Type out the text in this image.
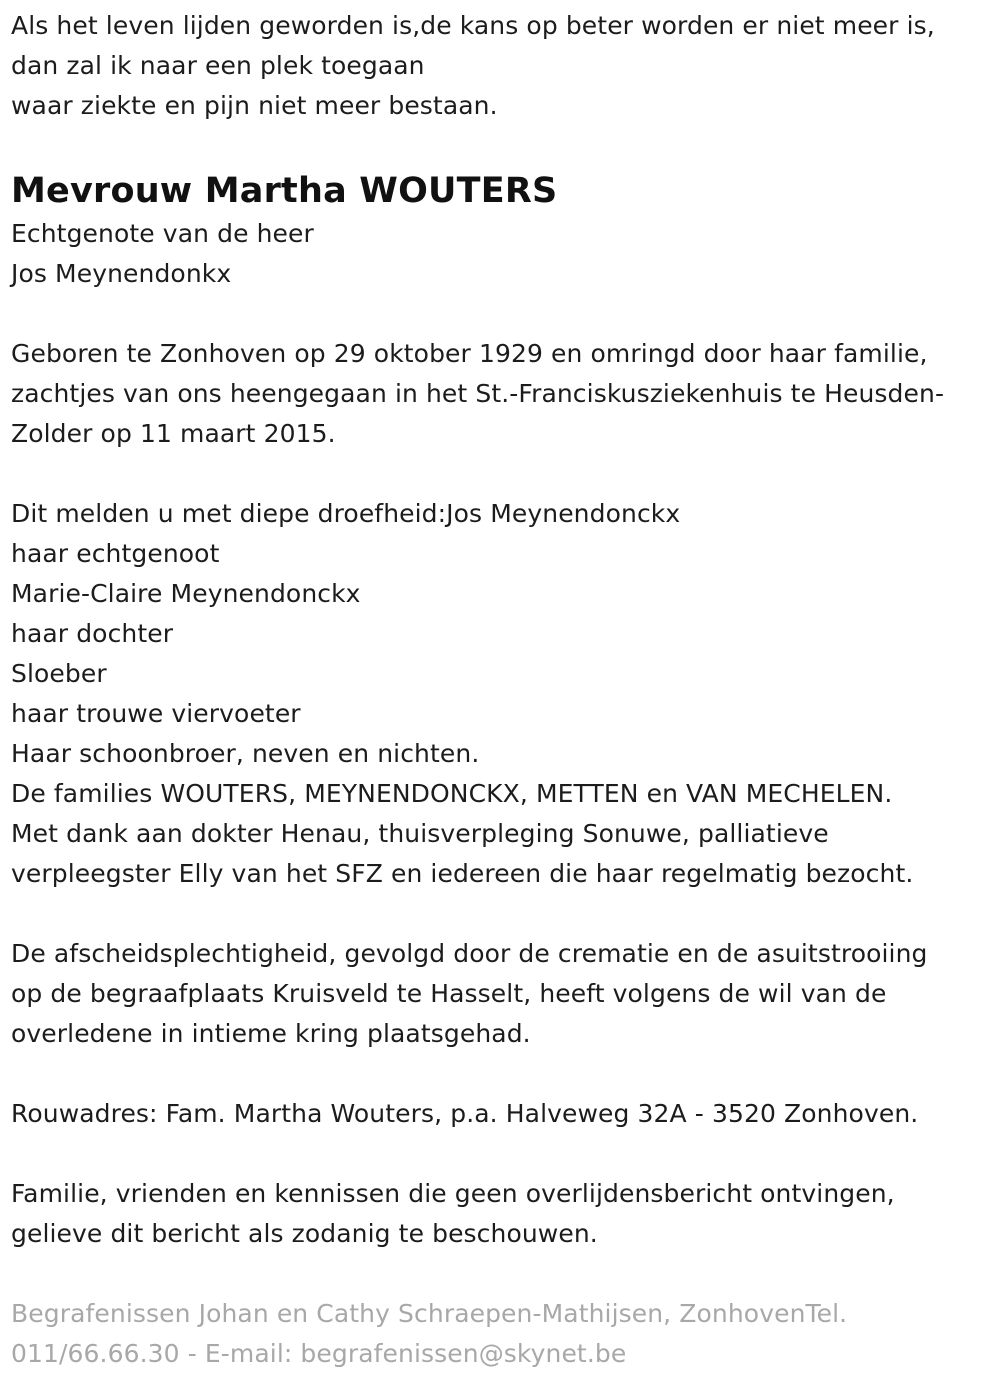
Als het leven lijden geworden is,de kans op beter worden er niet meer is,
dan zal ik naar een plek toegaan
waar ziekte en pijn niet meer bestaan.
Mevrouw Martha WOUTERS
Echtgenote van de heer
Jos Meynendonkx
Geboren te Zonhoven op 29 oktober 1929 en omringd door haar familie,
zachtjes van ons heengegaan in het St.-Franciskusziekenhuis te Heusden-
Zolder op 11 maart 2015.
Dit melden u met diepe droefheid:Jos Meynendonckx
haar echtgenoot
Marie-Claire Meynendonckx
haar dochter
Sloeber
haar trouwe viervoeter
Haar schoonbroer, neven en nichten.
De families WOUTERS, MEYNENDONCKX, METTEN en VAN MECHELEN.
Met dank aan dokter Henau, thuisverpleging Sonuwe, palliatieve
verpleegster Elly van het SFZ en iedereen die haar regelmatig bezocht.
De afscheidsplechtigheid, gevolgd door de crematie en de asuitstrooiing
op de begraafplaats Kruisveld te Hasselt, heeft volgens de wil van de
overledene in intieme kring plaatsgehad.
Rouwadres: Fam. Martha Wouters, p.a. Halveweg 32A - 3520 Zonhoven.
Familie, vrienden en kennissen die geen overlijdensbericht ontvingen,
gelieve dit bericht als zodanig te beschouwen.
Begrafenissen Johan en Cathy Schraepen-Mathijsen, ZonhovenTel.
011/66.66.30 - E-mail: begrafenissen@skynet.be
